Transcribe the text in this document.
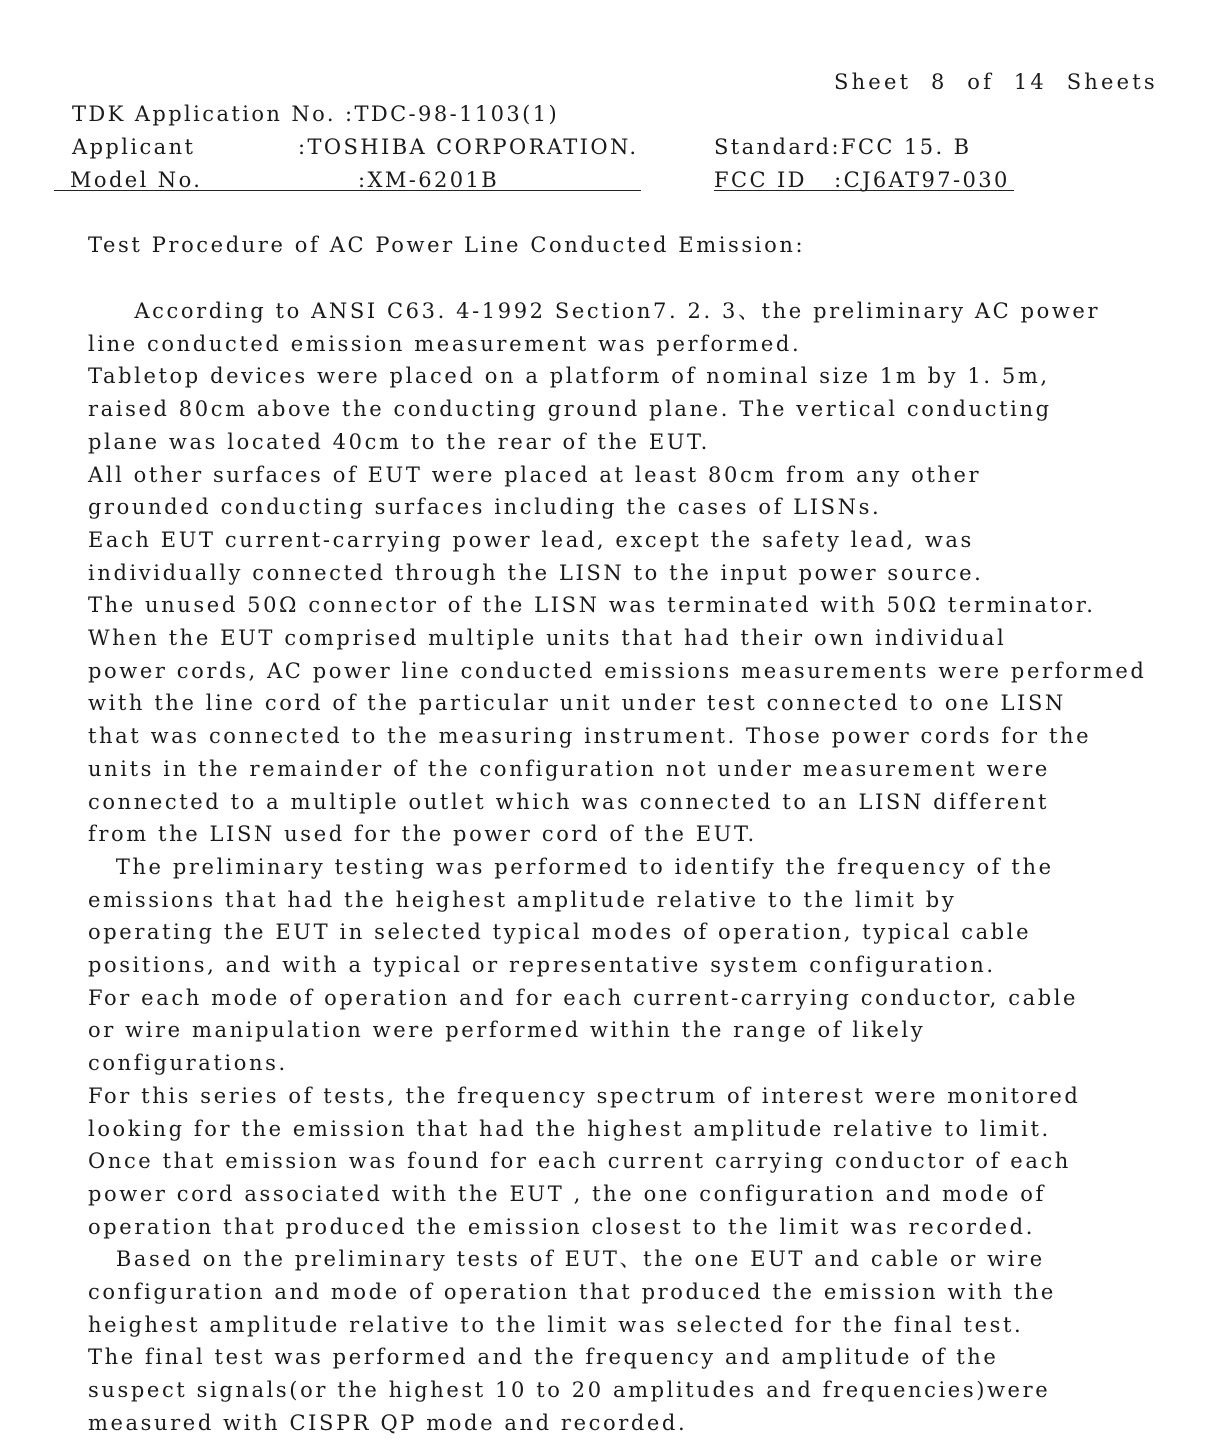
Sheet  8  of  14  Sheets
TDK Application No. :TDC-98-1103(1)
Applicant	:TOSHIBA CORPORATION.
Model No.	:XM-6201B
Standard:FCC 15. B
FCC ID   :CJ6AT97-030
Test Procedure of AC Power Line Conducted Emission:
According to ANSI C63. 4-1992 Section7. 2. 3、the preliminary AC power
line conducted emission measurement was performed.
Tabletop devices were placed on a platform of nominal size 1m by 1. 5m,
raised 80cm above the conducting ground plane. The vertical conducting
plane was located 40cm to the rear of the EUT.
All other surfaces of EUT were placed at least 80cm from any other
grounded conducting surfaces including the cases of LISNs.
Each EUT current-carrying power lead, except the safety lead, was
individually connected through the LISN to the input power source.
The unused 50Ω connector of the LISN was terminated with 50Ω terminator.
When the EUT comprised multiple units that had their own individual
power cords, AC power line conducted emissions measurements were performed
with the line cord of the particular unit under test connected to one LISN
that was connected to the measuring instrument. Those power cords for the
units in the remainder of the configuration not under measurement were
connected to a multiple outlet which was connected to an LISN different
from the LISN used for the power cord of the EUT.
The preliminary testing was performed to identify the frequency of the
emissions that had the heighest amplitude relative to the limit by
operating the EUT in selected typical modes of operation, typical cable
positions, and with a typical or representative system configuration.
For each mode of operation and for each current-carrying conductor, cable
or wire manipulation were performed within the range of likely
configurations.
For this series of tests, the frequency spectrum of interest were monitored
looking for the emission that had the highest amplitude relative to limit.
Once that emission was found for each current carrying conductor of each
power cord associated with the EUT , the one configuration and mode of
operation that produced the emission closest to the limit was recorded.
Based on the preliminary tests of EUT、the one EUT and cable or wire
configuration and mode of operation that produced the emission with the
heighest amplitude relative to the limit was selected for the final test.
The final test was performed and the frequency and amplitude of the
suspect signals(or the highest 10 to 20 amplitudes and frequencies)were
measured with CISPR QP mode and recorded.
